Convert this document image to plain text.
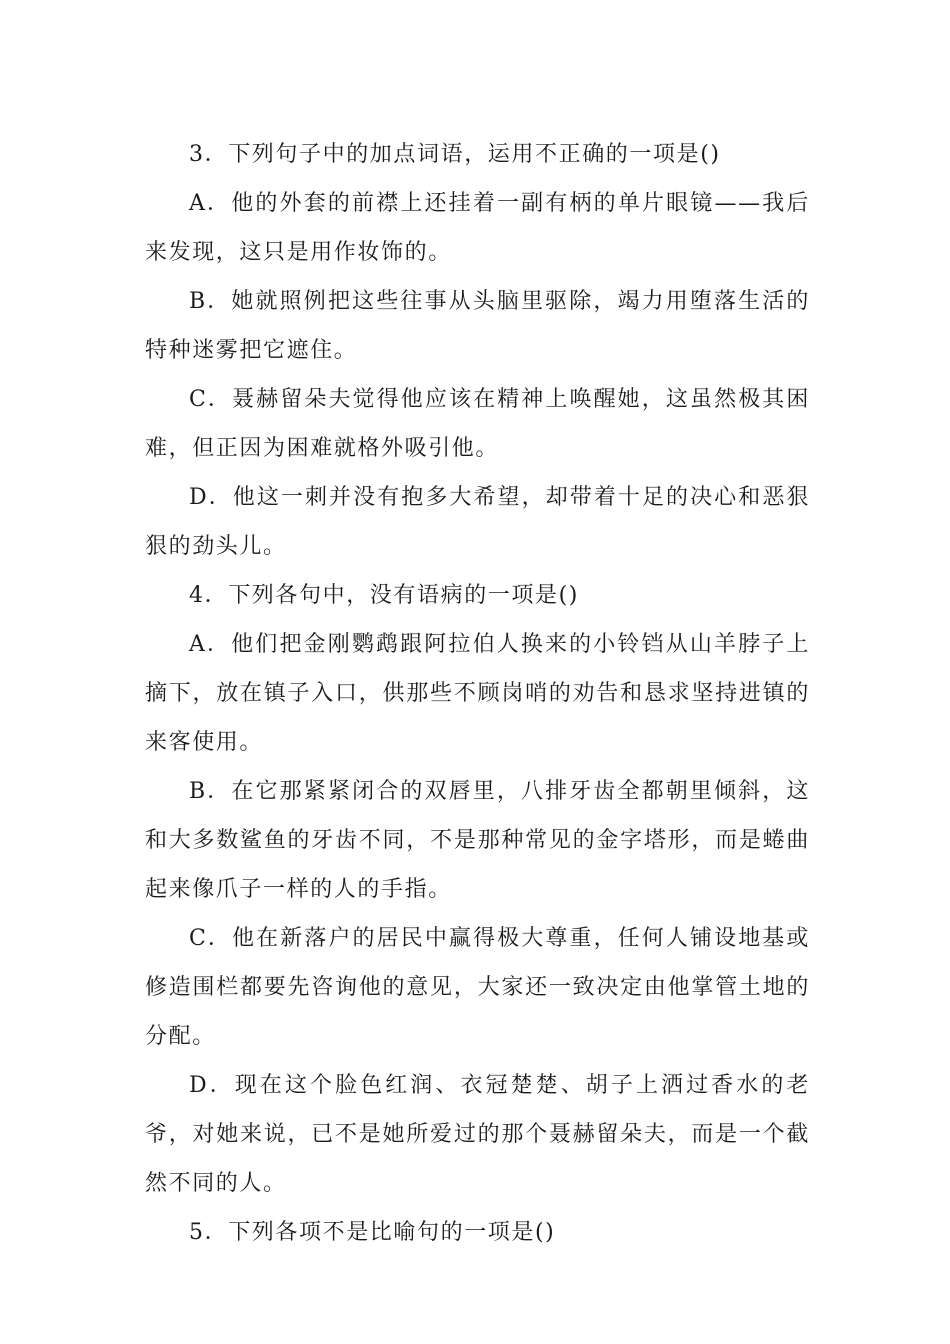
3．下列句子中的加点词语，运用不正确的一项是()

A．他的外套的前襟上还挂着一副有柄的单片眼镜——我后来发现，这只是用作妆饰的。

B．她就照例把这些往事从头脑里驱除，竭力用堕落生活的特种迷雾把它遮住。

C．聂赫留朵夫觉得他应该在精神上唤醒她，这虽然极其困难，但正因为困难就格外吸引他。

D．他这一刺并没有抱多大希望，却带着十足的决心和恶狠狠的劲头儿。

4．下列各句中，没有语病的一项是()

A．他们把金刚鹦鹉跟阿拉伯人换来的小铃铛从山羊脖子上摘下，放在镇子入口，供那些不顾岗哨的劝告和恳求坚持进镇的来客使用。

B．在它那紧紧闭合的双唇里，八排牙齿全都朝里倾斜，这和大多数鲨鱼的牙齿不同，不是那种常见的金字塔形，而是蜷曲起来像爪子一样的人的手指。

C．他在新落户的居民中赢得极大尊重，任何人铺设地基或修造围栏都要先咨询他的意见，大家还一致决定由他掌管土地的分配。

D．现在这个脸色红润、衣冠楚楚、胡子上洒过香水的老爷，对她来说，已不是她所爱过的那个聂赫留朵夫，而是一个截然不同的人。

5．下列各项不是比喻句的一项是()
